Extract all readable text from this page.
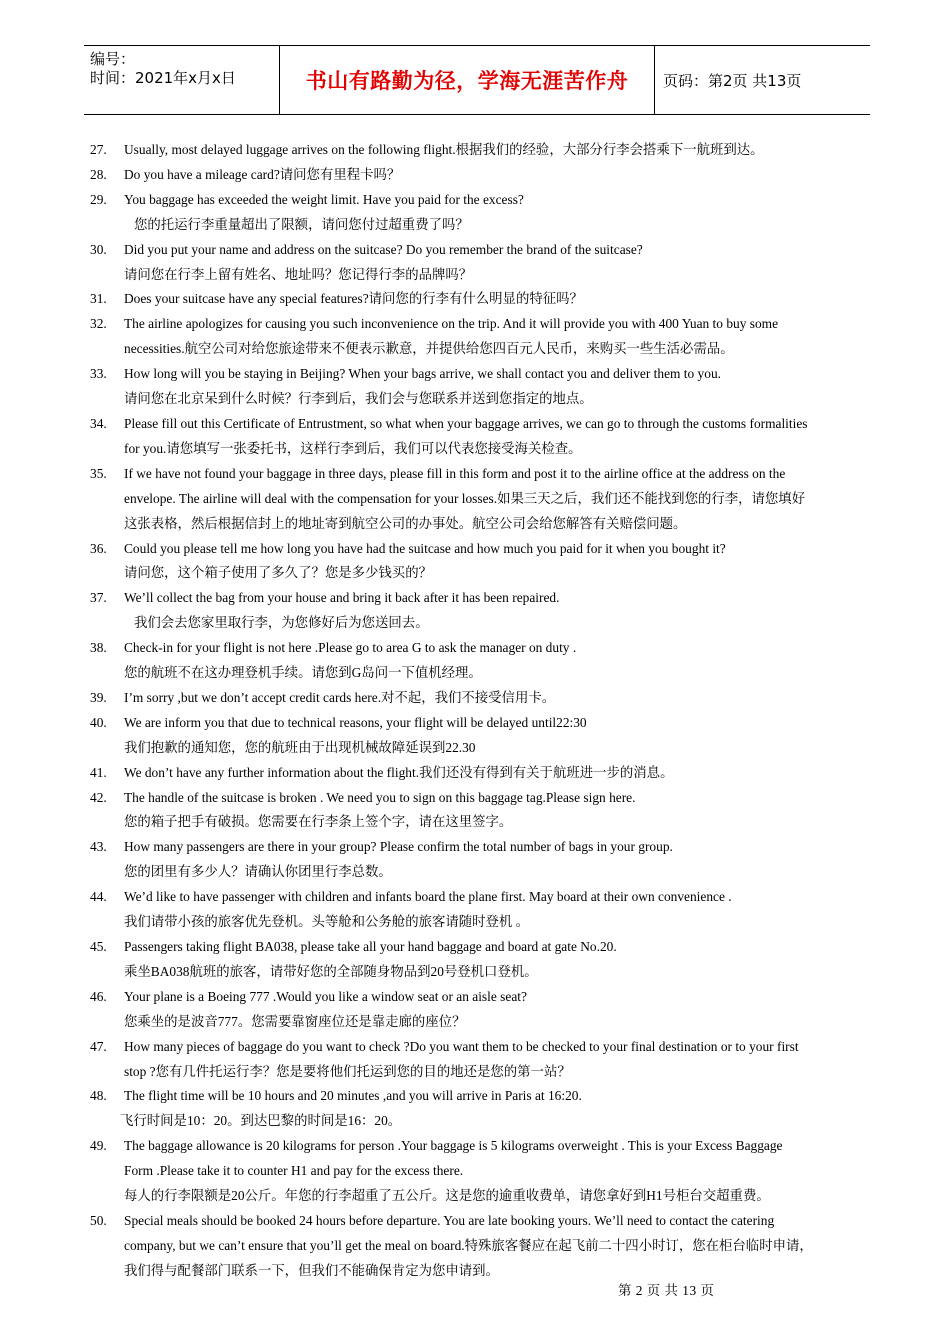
编号：
时间：2021年x月x日	书山有路勤为径，学海无涯苦作舟	页码：第2页 共13页
27.	Usually, most delayed luggage arrives on the following flight.根据我们的经验，大部分行李会搭乘下一航班到达。
28.	Do you have a mileage card?请问您有里程卡吗？
29.	You baggage has exceeded the weight limit. Have you paid for the excess?
您的托运行李重量超出了限额，请问您付过超重费了吗？
30.	Did you put your name and address on the suitcase? Do you remember the brand of the suitcase?
请问您在行李上留有姓名、地址吗？您记得行李的品牌吗？
31.	Does your suitcase have any special features?请问您的行李有什么明显的特征吗？
32.	The airline apologizes for causing you such inconvenience on the trip. And it will provide you with 400 Yuan to buy some
necessities.航空公司对给您旅途带来不便表示歉意，并提供给您四百元人民币，来购买一些生活必需品。
33.	How long will you be staying in Beijing? When your bags arrive, we shall contact you and deliver them to you.
请问您在北京呆到什么时候？行李到后，我们会与您联系并送到您指定的地点。
34.	Please fill out this Certificate of Entrustment, so what when your baggage arrives, we can go to through the customs formalities
for you.请您填写一张委托书，这样行李到后，我们可以代表您接受海关检查。
35.	If we have not found your baggage in three days, please fill in this form and post it to the airline office at the address on the
envelope. The airline will deal with the compensation for your losses.如果三天之后，我们还不能找到您的行李，请您填好
这张表格，然后根据信封上的地址寄到航空公司的办事处。航空公司会给您解答有关赔偿问题。
36.	Could you please tell me how long you have had the suitcase and how much you paid for it when you bought it?
请问您，这个箱子使用了多久了？您是多少钱买的？
37.	We’ll collect the bag from your house and bring it back after it has been repaired.
我们会去您家里取行李，为您修好后为您送回去。
38.	Check-in for your flight is not here .Please go to area G to ask the manager on duty .
您的航班不在这办理登机手续。请您到G岛问一下值机经理。
39.	I’m sorry ,but we don’t accept credit cards here.对不起，我们不接受信用卡。
40.	We are inform you that due to technical reasons, your flight will be delayed until22:30
我们抱歉的通知您，您的航班由于出现机械故障延误到22.30
41.	We don’t have any further information about the flight.我们还没有得到有关于航班进一步的消息。
42.	The handle of the suitcase is broken . We need you to sign on this baggage tag.Please sign here.
您的箱子把手有破损。您需要在行李条上签个字，请在这里签字。
43.	How many passengers are there in your group? Please confirm the total number of bags in your group.
您的团里有多少人？请确认你团里行李总数。
44.	We’d like to have passenger with children and infants board the plane first. May board at their own convenience .
我们请带小孩的旅客优先登机。头等舱和公务舱的旅客请随时登机 。
45.	Passengers taking flight BA038, please take all your hand baggage and board at gate No.20.
乘坐BA038航班的旅客，请带好您的全部随身物品到20号登机口登机。
46.	Your plane is a Boeing 777 .Would you like a window seat or an aisle seat?
您乘坐的是波音777。您需要靠窗座位还是靠走廊的座位？
47.	How many pieces of baggage do you want to check ?Do you want them to be checked to your final destination or to your first
stop ?您有几件托运行李？您是要将他们托运到您的目的地还是您的第一站？
48.	The flight time will be 10 hours and 20 minutes ,and you will arrive in Paris at 16:20.
飞行时间是10：20。到达巴黎的时间是16：20。
49.	The baggage allowance is 20 kilograms for person .Your baggage is 5 kilograms overweight . This is your Excess Baggage
Form .Please take it to counter H1 and pay for the excess there.
每人的行李限额是20公斤。年您的行李超重了五公斤。这是您的逾重收费单，请您拿好到H1号柜台交超重费。
50.	Special meals should be booked 24 hours before departure. You are late booking yours. We’ll need to contact the catering
company, but we can’t ensure that you’ll get the meal on board.特殊旅客餐应在起飞前二十四小时订，您在柜台临时申请，
我们得与配餐部门联系一下，但我们不能确保肯定为您申请到。
第 2 页 共 13 页
